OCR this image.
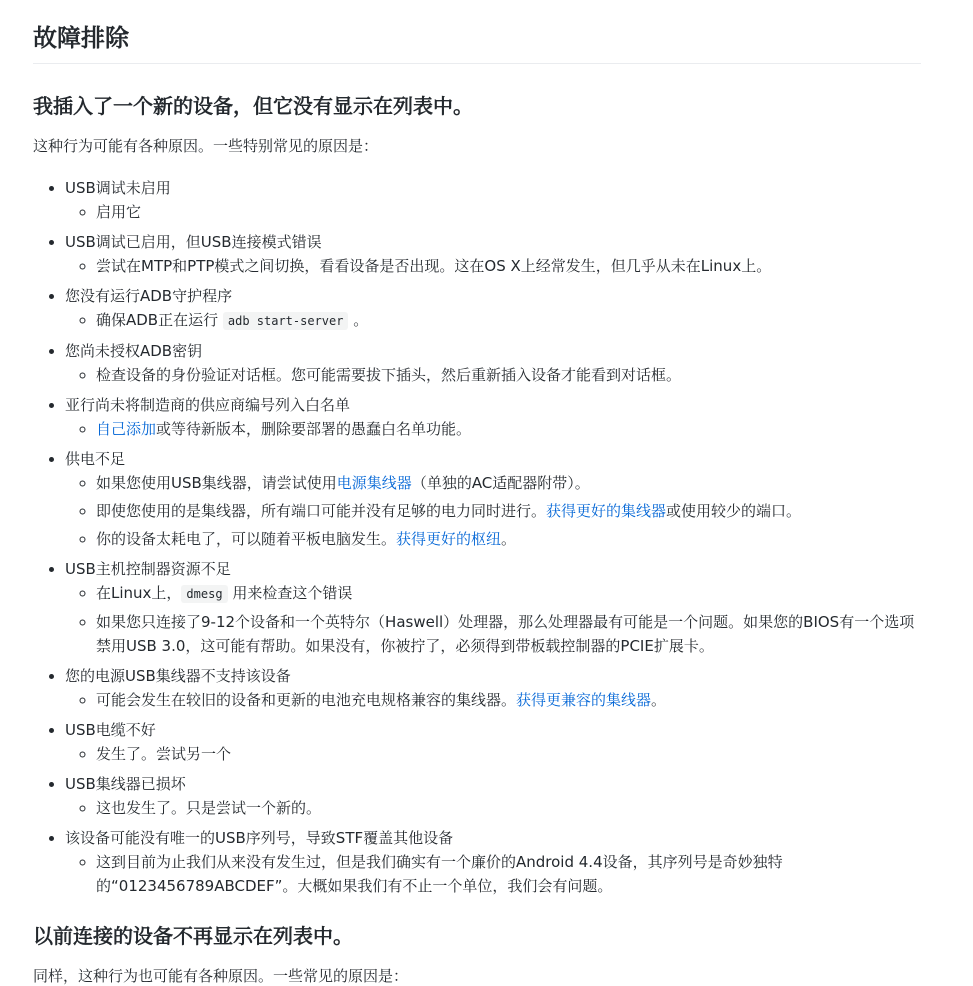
故障排除
我插入了一个新的设备，但它没有显示在列表中。

这种行为可能有各种原因。一些特别常见的原因是：

• USB调试未启用
◦ 启用它
• USB调试已启用，但USB连接模式错误
◦ 尝试在MTP和PTP模式之间切换，看看设备是否出现。这在OS X上经常发生，但几乎从未在Linux上。
• 您没有运行ADB守护程序
◦ 确保ADB正在运行 adb start-server 。
• 您尚未授权ADB密钥
◦ 检查设备的身份验证对话框。您可能需要拔下插头，然后重新插入设备才能看到对话框。
• 亚行尚未将制造商的供应商编号列入白名单
◦ 自己添加或等待新版本，删除要部署的愚蠢白名单功能。
• 供电不足
◦ 如果您使用USB集线器，请尝试使用电源集线器（单独的AC适配器附带）。
◦ 即使您使用的是集线器，所有端口可能并没有足够的电力同时进行。获得更好的集线器或使用较少的端口。
◦ 你的设备太耗电了，可以随着平板电脑发生。获得更好的枢纽。
• USB主机控制器资源不足
◦ 在Linux上， dmesg 用来检查这个错误
◦ 如果您只连接了9-12个设备和一个英特尔（Haswell）处理器，那么处理器最有可能是一个问题。如果您的BIOS有一个选项禁用USB 3.0，这可能有帮助。如果没有，你被拧了，必须得到带板载控制器的PCIE扩展卡。
• 您的电源USB集线器不支持该设备
◦ 可能会发生在较旧的设备和更新的电池充电规格兼容的集线器。获得更兼容的集线器。
• USB电缆不好
◦ 发生了。尝试另一个
• USB集线器已损坏
◦ 这也发生了。只是尝试一个新的。
• 该设备可能没有唯一的USB序列号，导致STF覆盖其他设备
◦ 这到目前为止我们从来没有发生过，但是我们确实有一个廉价的Android 4.4设备，其序列号是奇妙独特的“0123456789ABCDEF”。大概如果我们有不止一个单位，我们会有问题。
以前连接的设备不再显示在列表中。

同样，这种行为也可能有各种原因。一些常见的原因是：
